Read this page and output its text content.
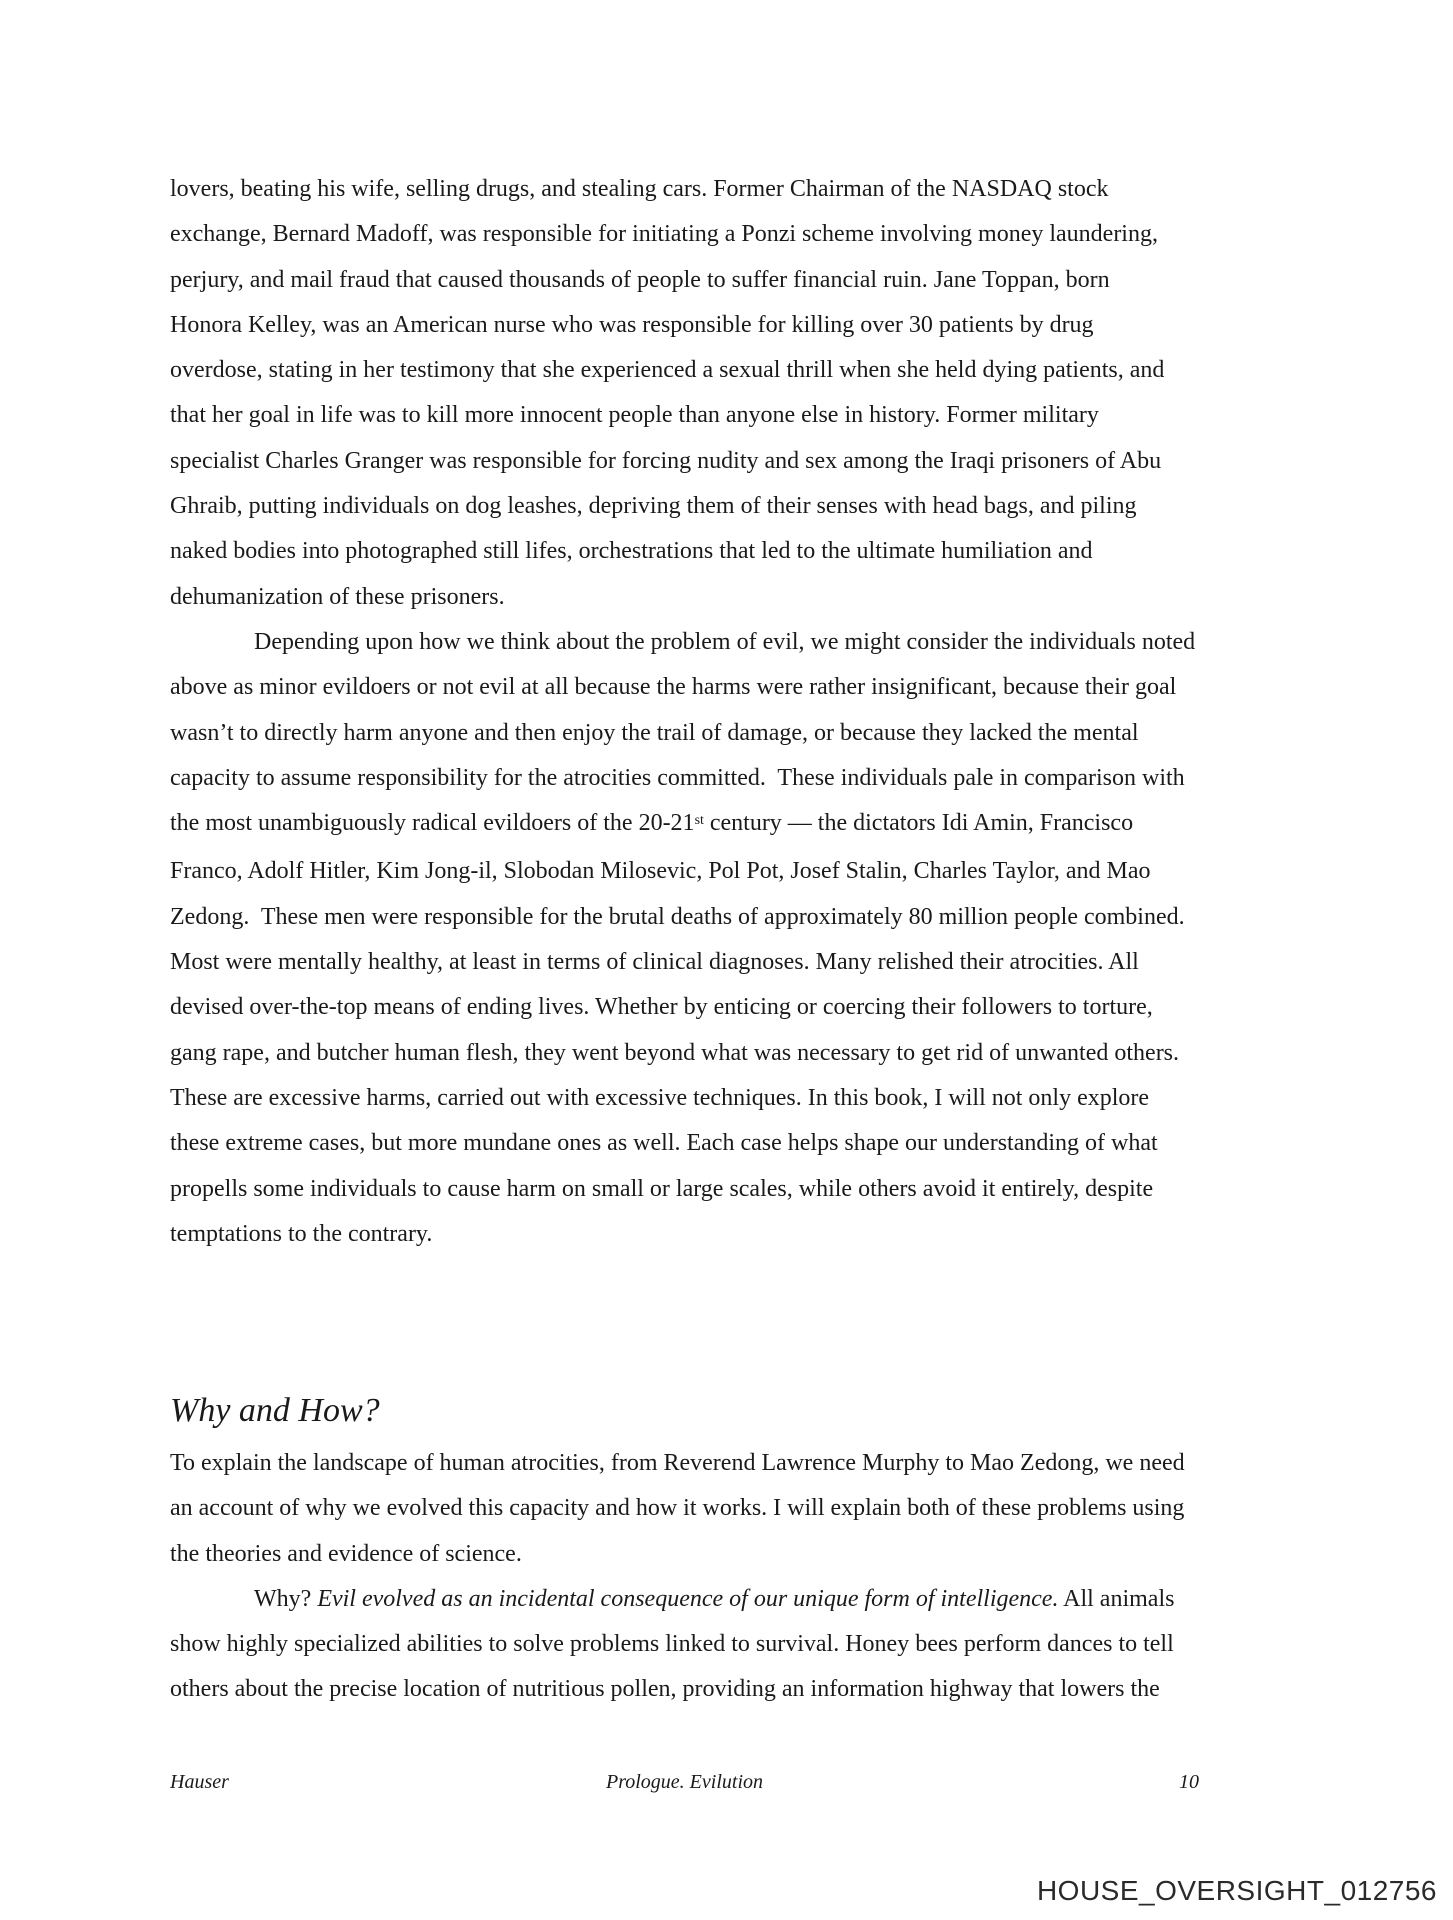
lovers, beating his wife, selling drugs, and stealing cars. Former Chairman of the NASDAQ stock
exchange, Bernard Madoff, was responsible for initiating a Ponzi scheme involving money laundering,
perjury, and mail fraud that caused thousands of people to suffer financial ruin. Jane Toppan, born
Honora Kelley, was an American nurse who was responsible for killing over 30 patients by drug
overdose, stating in her testimony that she experienced a sexual thrill when she held dying patients, and
that her goal in life was to kill more innocent people than anyone else in history. Former military
specialist Charles Granger was responsible for forcing nudity and sex among the Iraqi prisoners of Abu
Ghraib, putting individuals on dog leashes, depriving them of their senses with head bags, and piling
naked bodies into photographed still lifes, orchestrations that led to the ultimate humiliation and
dehumanization of these prisoners.
Depending upon how we think about the problem of evil, we might consider the individuals noted
above as minor evildoers or not evil at all because the harms were rather insignificant, because their goal
wasn’t to directly harm anyone and then enjoy the trail of damage, or because they lacked the mental
capacity to assume responsibility for the atrocities committed.  These individuals pale in comparison with
the most unambiguously radical evildoers of the 20-21st century — the dictators Idi Amin, Francisco
Franco, Adolf Hitler, Kim Jong-il, Slobodan Milosevic, Pol Pot, Josef Stalin, Charles Taylor, and Mao
Zedong.  These men were responsible for the brutal deaths of approximately 80 million people combined.
Most were mentally healthy, at least in terms of clinical diagnoses. Many relished their atrocities. All
devised over-the-top means of ending lives. Whether by enticing or coercing their followers to torture,
gang rape, and butcher human flesh, they went beyond what was necessary to get rid of unwanted others.
These are excessive harms, carried out with excessive techniques. In this book, I will not only explore
these extreme cases, but more mundane ones as well. Each case helps shape our understanding of what
propells some individuals to cause harm on small or large scales, while others avoid it entirely, despite
temptations to the contrary.
Why and How?
To explain the landscape of human atrocities, from Reverend Lawrence Murphy to Mao Zedong, we need
an account of why we evolved this capacity and how it works. I will explain both of these problems using
the theories and evidence of science.
Why? Evil evolved as an incidental consequence of our unique form of intelligence. All animals
show highly specialized abilities to solve problems linked to survival. Honey bees perform dances to tell
others about the precise location of nutritious pollen, providing an information highway that lowers the
Hauser	Prologue. Evilution	10
HOUSE_OVERSIGHT_012756
